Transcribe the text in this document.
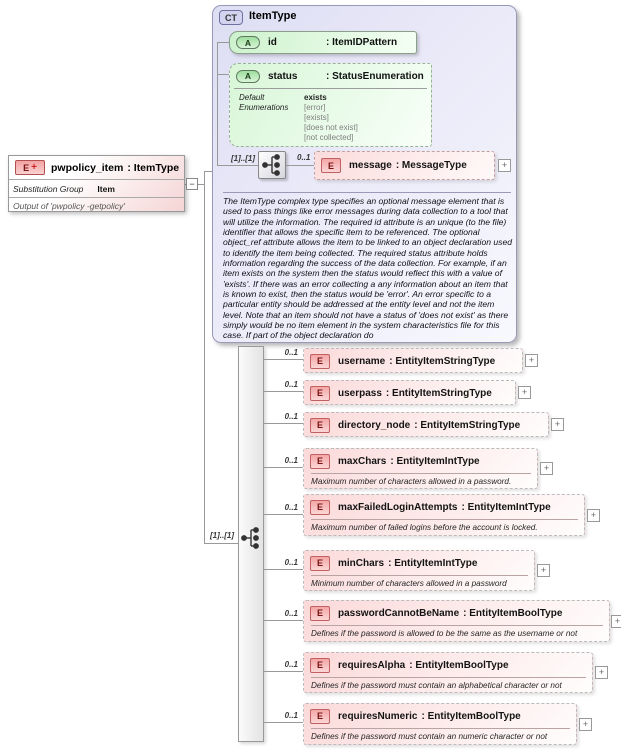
E + pwpolicy_item : ItemType
Substitution Group Item
Output of 'pwpolicy -getpolicy'
−
CT ItemType
A id	: ItemIDPattern
A status	: StatusEnumeration
Default
Enumerations
exists
[error]
[exists]
[does not exist]
[not collected]
[1]..[1]	0..1
E message : MessageType	+
The ItemType complex type specifies an optional message element that is used to pass things like error messages during data collection to a tool that will utilize the information. The required id attribute is an unique (to the file) identifier that allows the specific item to be referenced. The optional object_ref attribute allows the item to be linked to an object declaration used to identify the item being collected. The required status attribute holds information regarding the success of the data collection. For example, if an item exists on the system then the status would reflect this with a value of 'exists'. If there was an error collecting a any information about an item that is known to exist, then the status would be 'error'. An error specific to a particular entity should be addressed at the entity level and not the item level. Note that an item should not have a status of 'does not exist' as there simply would be no item element in the system characteristics file for this case. If part of the object declaration do
[1]..[1]
0..1
0..1
0..1
0..1
0..1
0..1
0..1
0..1
0..1
E username : EntityItemStringType	+
E userpass : EntityItemStringType	+
E directory_node : EntityItemStringType	+
E maxChars : EntityItemIntType
Maximum number of characters allowed in a password.
+
E maxFailedLoginAttempts : EntityItemIntType
Maximum number of failed logins before the account is locked.
+
E minChars : EntityItemIntType
Minimum number of characters allowed in a password
+
E passwordCannotBeName : EntityItemBoolType
Defines if the password is allowed to be the same as the username or not
+
E requiresAlpha : EntityItemBoolType
Defines if the password must contain an alphabetical character or not
+
E requiresNumeric : EntityItemBoolType
Defines if the password must contain an numeric character or not
+
